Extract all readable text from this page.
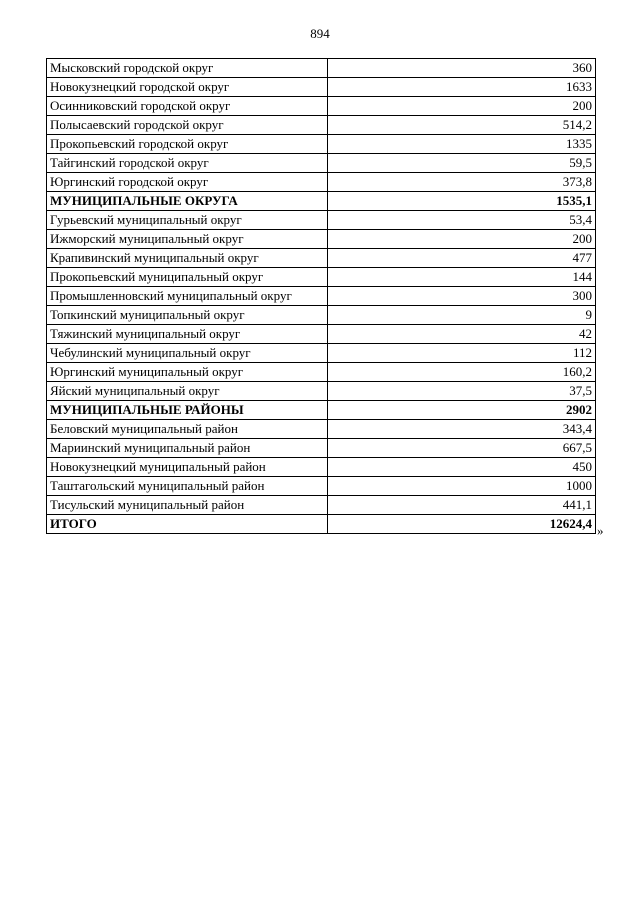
894
Мысковский городской округ	360
Новокузнецкий городской округ	1633
Осинниковский городской округ	200
Полысаевский городской округ	514,2
Прокопьевский городской округ	1335
Тайгинский городской округ	59,5
Юргинский городской округ	373,8
МУНИЦИПАЛЬНЫЕ ОКРУГА	1535,1
Гурьевский муниципальный округ	53,4
Ижморский муниципальный округ	200
Крапивинский муниципальный округ	477
Прокопьевский муниципальный округ	144
Промышленновский муниципальный округ	300
Топкинский муниципальный округ	9
Тяжинский муниципальный округ	42
Чебулинский муниципальный округ	112
Юргинский муниципальный округ	160,2
Яйский муниципальный округ	37,5
МУНИЦИПАЛЬНЫЕ РАЙОНЫ	2902
Беловский муниципальный район	343,4
Мариинский муниципальный район	667,5
Новокузнецкий муниципальный район	450
Таштагольский муниципальный район	1000
Тисульский муниципальный район	441,1
ИТОГО	12624,4 »
